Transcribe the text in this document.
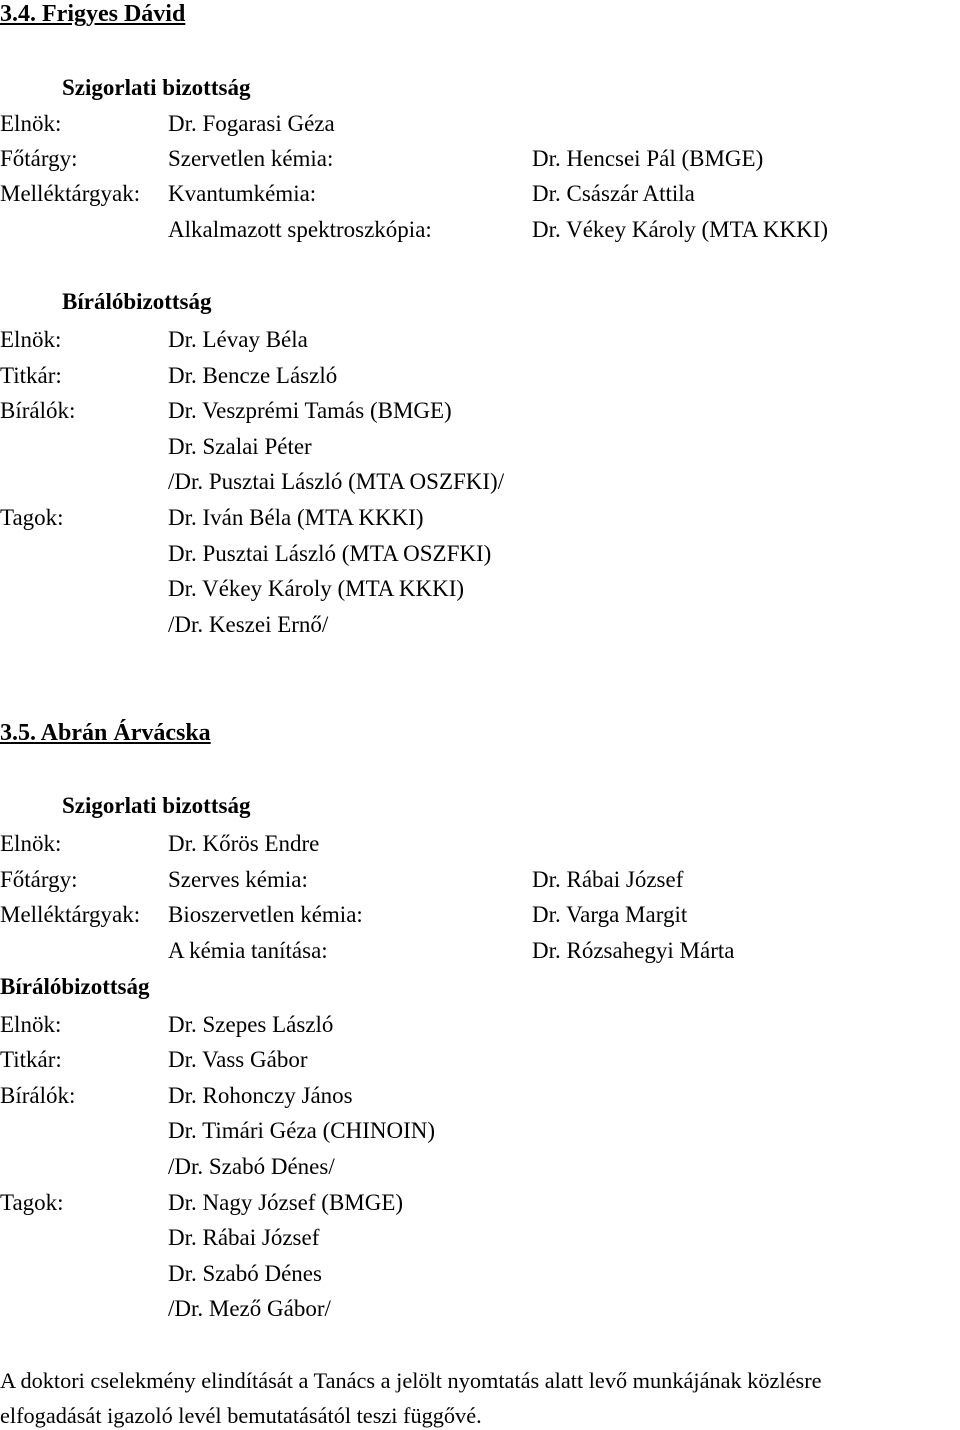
3.4. Frigyes Dávid
Szigorlati bizottság
Elnök:	Dr. Fogarasi Géza
Főtárgy:	Szervetlen kémia:	Dr. Hencsei Pál (BMGE)
Melléktárgyak: Kvantumkémia:	Dr. Császár Attila
Alkalmazott spektroszkópia:	Dr. Vékey Károly (MTA KKKI)
Bírálóbizottság
Elnök:	Dr. Lévay Béla
Titkár:	Dr. Bencze László
Bírálók:	Dr. Veszprémi Tamás (BMGE)
Dr. Szalai Péter
/Dr. Pusztai László (MTA OSZFKI)/
Tagok:	Dr. Iván Béla (MTA KKKI)
Dr. Pusztai László (MTA OSZFKI)
Dr. Vékey Károly (MTA KKKI)
/Dr. Keszei Ernő/
3.5. Abrán Árvácska
Szigorlati bizottság
Elnök:	Dr. Kőrös Endre
Főtárgy:	Szerves kémia:	Dr. Rábai József
Melléktárgyak: Bioszervetlen kémia:	Dr. Varga Margit
A kémia tanítása:	Dr. Rózsahegyi Márta
Bírálóbizottság
Elnök:	Dr. Szepes László
Titkár:	Dr. Vass Gábor
Bírálók:	Dr. Rohonczy János
Dr. Timári Géza (CHINOIN)
/Dr. Szabó Dénes/
Tagok:	Dr. Nagy József (BMGE)
Dr. Rábai József
Dr. Szabó Dénes
/Dr. Mező Gábor/
A doktori cselekmény elindítását a Tanács a jelölt nyomtatás alatt levő munkájának közlésre
elfogadását igazoló levél bemutatásától teszi függővé.
